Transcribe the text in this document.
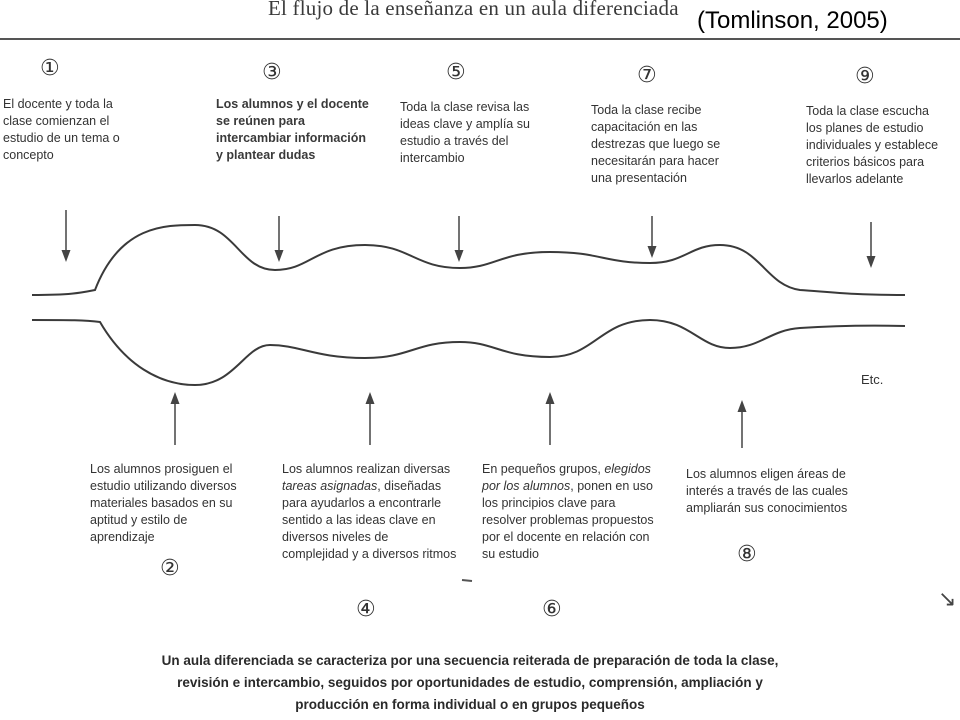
El flujo de la enseñanza en un aula diferenciada (Tomlinson, 2005)
↘
①	③	⑤	⑦	⑨
②
④	⑥
⑧
El docente y toda la clase comienzan el estudio de un tema o concepto
Los alumnos y el docente se reúnen para intercambiar información y plantear dudas
Toda la clase revisa las ideas clave y amplía su estudio a través del intercambio
Toda la clase recibe capacitación en las destrezas que luego se necesitarán para hacer una presentación
Toda la clase escucha los planes de estudio individuales y establece criterios básicos para llevarlos adelante
Los alumnos prosiguen el estudio utilizando diversos materiales basados en su aptitud y estilo de aprendizaje
Los alumnos realizan diversas tareas asignadas, diseñadas para ayudarlos a encontrarle sentido a las ideas clave en diversos niveles de complejidad y a diversos ritmos
En pequeños grupos, elegidos por los alumnos, ponen en uso los principios clave para resolver problemas propuestos por el docente en relación con su estudio
Los alumnos eligen áreas de interés a través de las cuales ampliarán sus conocimientos
Etc.
Un aula diferenciada se caracteriza por una secuencia reiterada de preparación de toda la clase, revisión e intercambio, seguidos por oportunidades de estudio, comprensión, ampliación y producción en forma individual o en grupos pequeños
